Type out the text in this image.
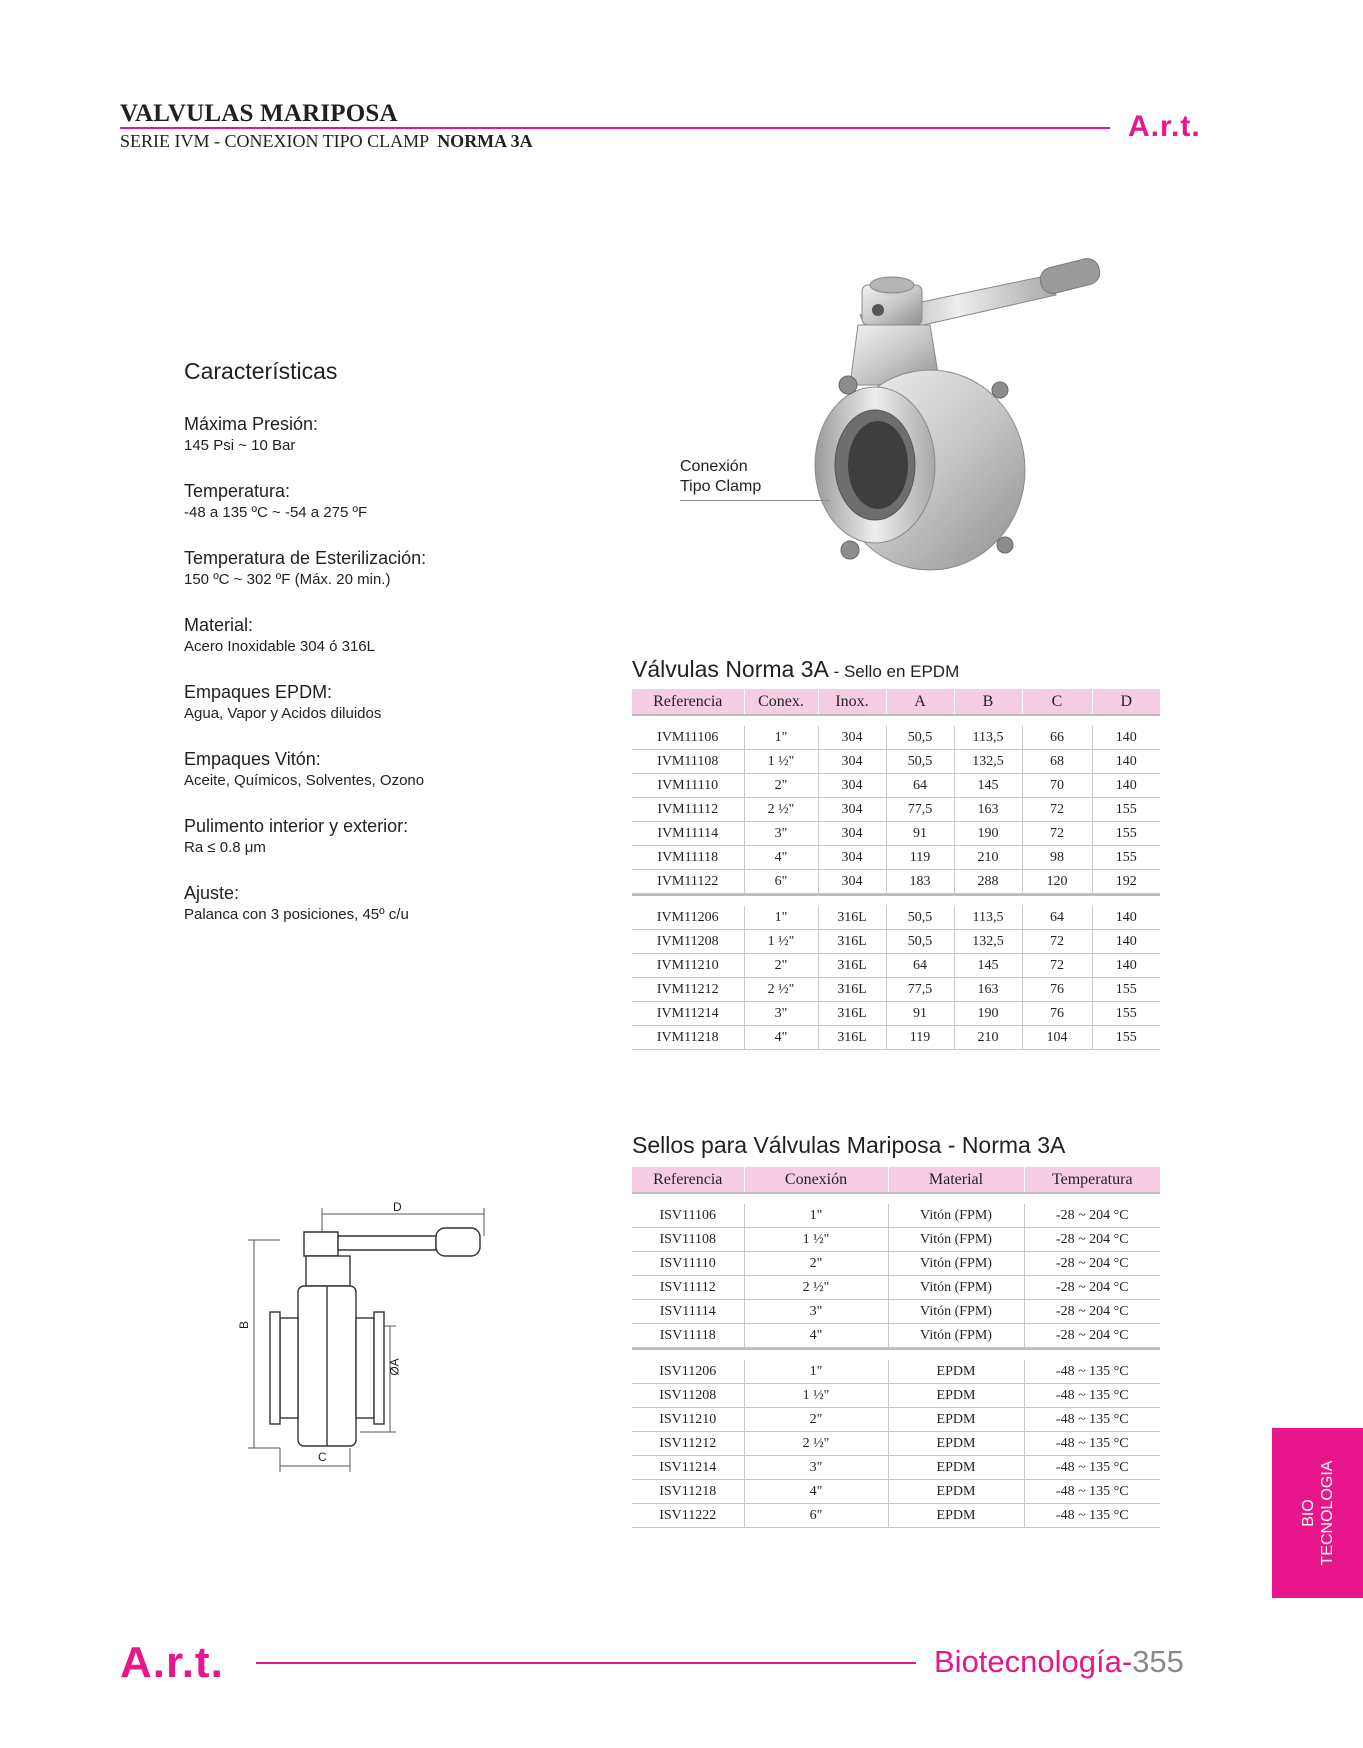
VALVULAS MARIPOSA
SERIE IVM - CONEXION TIPO CLAMP NORMA 3A	A.r.t.
Características
Máxima Presión:
145 Psi ~ 10 Bar
Temperatura:
-48 a 135 ºC ~ -54 a 275 ºF
Temperatura de Esterilización:
150 ºC ~ 302 ºF (Máx. 20 min.)
Material:
Acero Inoxidable 304 ó 316L
Empaques EPDM:
Agua, Vapor y Acidos diluidos
Empaques Vitón:
Aceite, Químicos, Solventes, Ozono
Pulimento interior y exterior:
Ra ≤ 0.8 μm
Ajuste:
Palanca con 3 posiciones, 45º c/u
Conexión
Tipo Clamp
Válvulas Norma 3A - Sello en EPDM
Referencia	Conex.	Inox.	A	B	C	D

IVM11106	1"	304	50,5	113,5	66	140
IVM11108	1 ½"	304	50,5	132,5	68	140
IVM11110	2"	304	64	145	70	140
IVM11112	2 ½"	304	77,5	163	72	155
IVM11114	3"	304	91	190	72	155
IVM11118	4"	304	119	210	98	155
IVM11122	6"	304	183	288	120	192

IVM11206	1"	316L	50,5	113,5	64	140
IVM11208	1 ½"	316L	50,5	132,5	72	140
IVM11210	2"	316L	64	145	72	140
IVM11212	2 ½"	316L	77,5	163	76	155
IVM11214	3"	316L	91	190	76	155
IVM11218	4"	316L	119	210	104	155
Sellos para Válvulas Mariposa - Norma 3A
Referencia	Conexión	Material	Temperatura

ISV11106	1"	Vitón (FPM)	-28 ~ 204 °C
ISV11108	1 ½"	Vitón (FPM)	-28 ~ 204 °C
ISV11110	2"	Vitón (FPM)	-28 ~ 204 °C
ISV11112	2 ½"	Vitón (FPM)	-28 ~ 204 °C
ISV11114	3"	Vitón (FPM)	-28 ~ 204 °C
ISV11118	4"	Vitón (FPM)	-28 ~ 204 °C

ISV11206	1"	EPDM	-48 ~ 135 °C
ISV11208	1 ½"	EPDM	-48 ~ 135 °C
ISV11210	2"	EPDM	-48 ~ 135 °C
ISV11212	2 ½"	EPDM	-48 ~ 135 °C
ISV11214	3"	EPDM	-48 ~ 135 °C
ISV11218	4"	EPDM	-48 ~ 135 °C
ISV11222	6"	EPDM	-48 ~ 135 °C
D
B
C
ØA
BIO TECNOLOGIA
A.r.t.	Biotecnología-355
